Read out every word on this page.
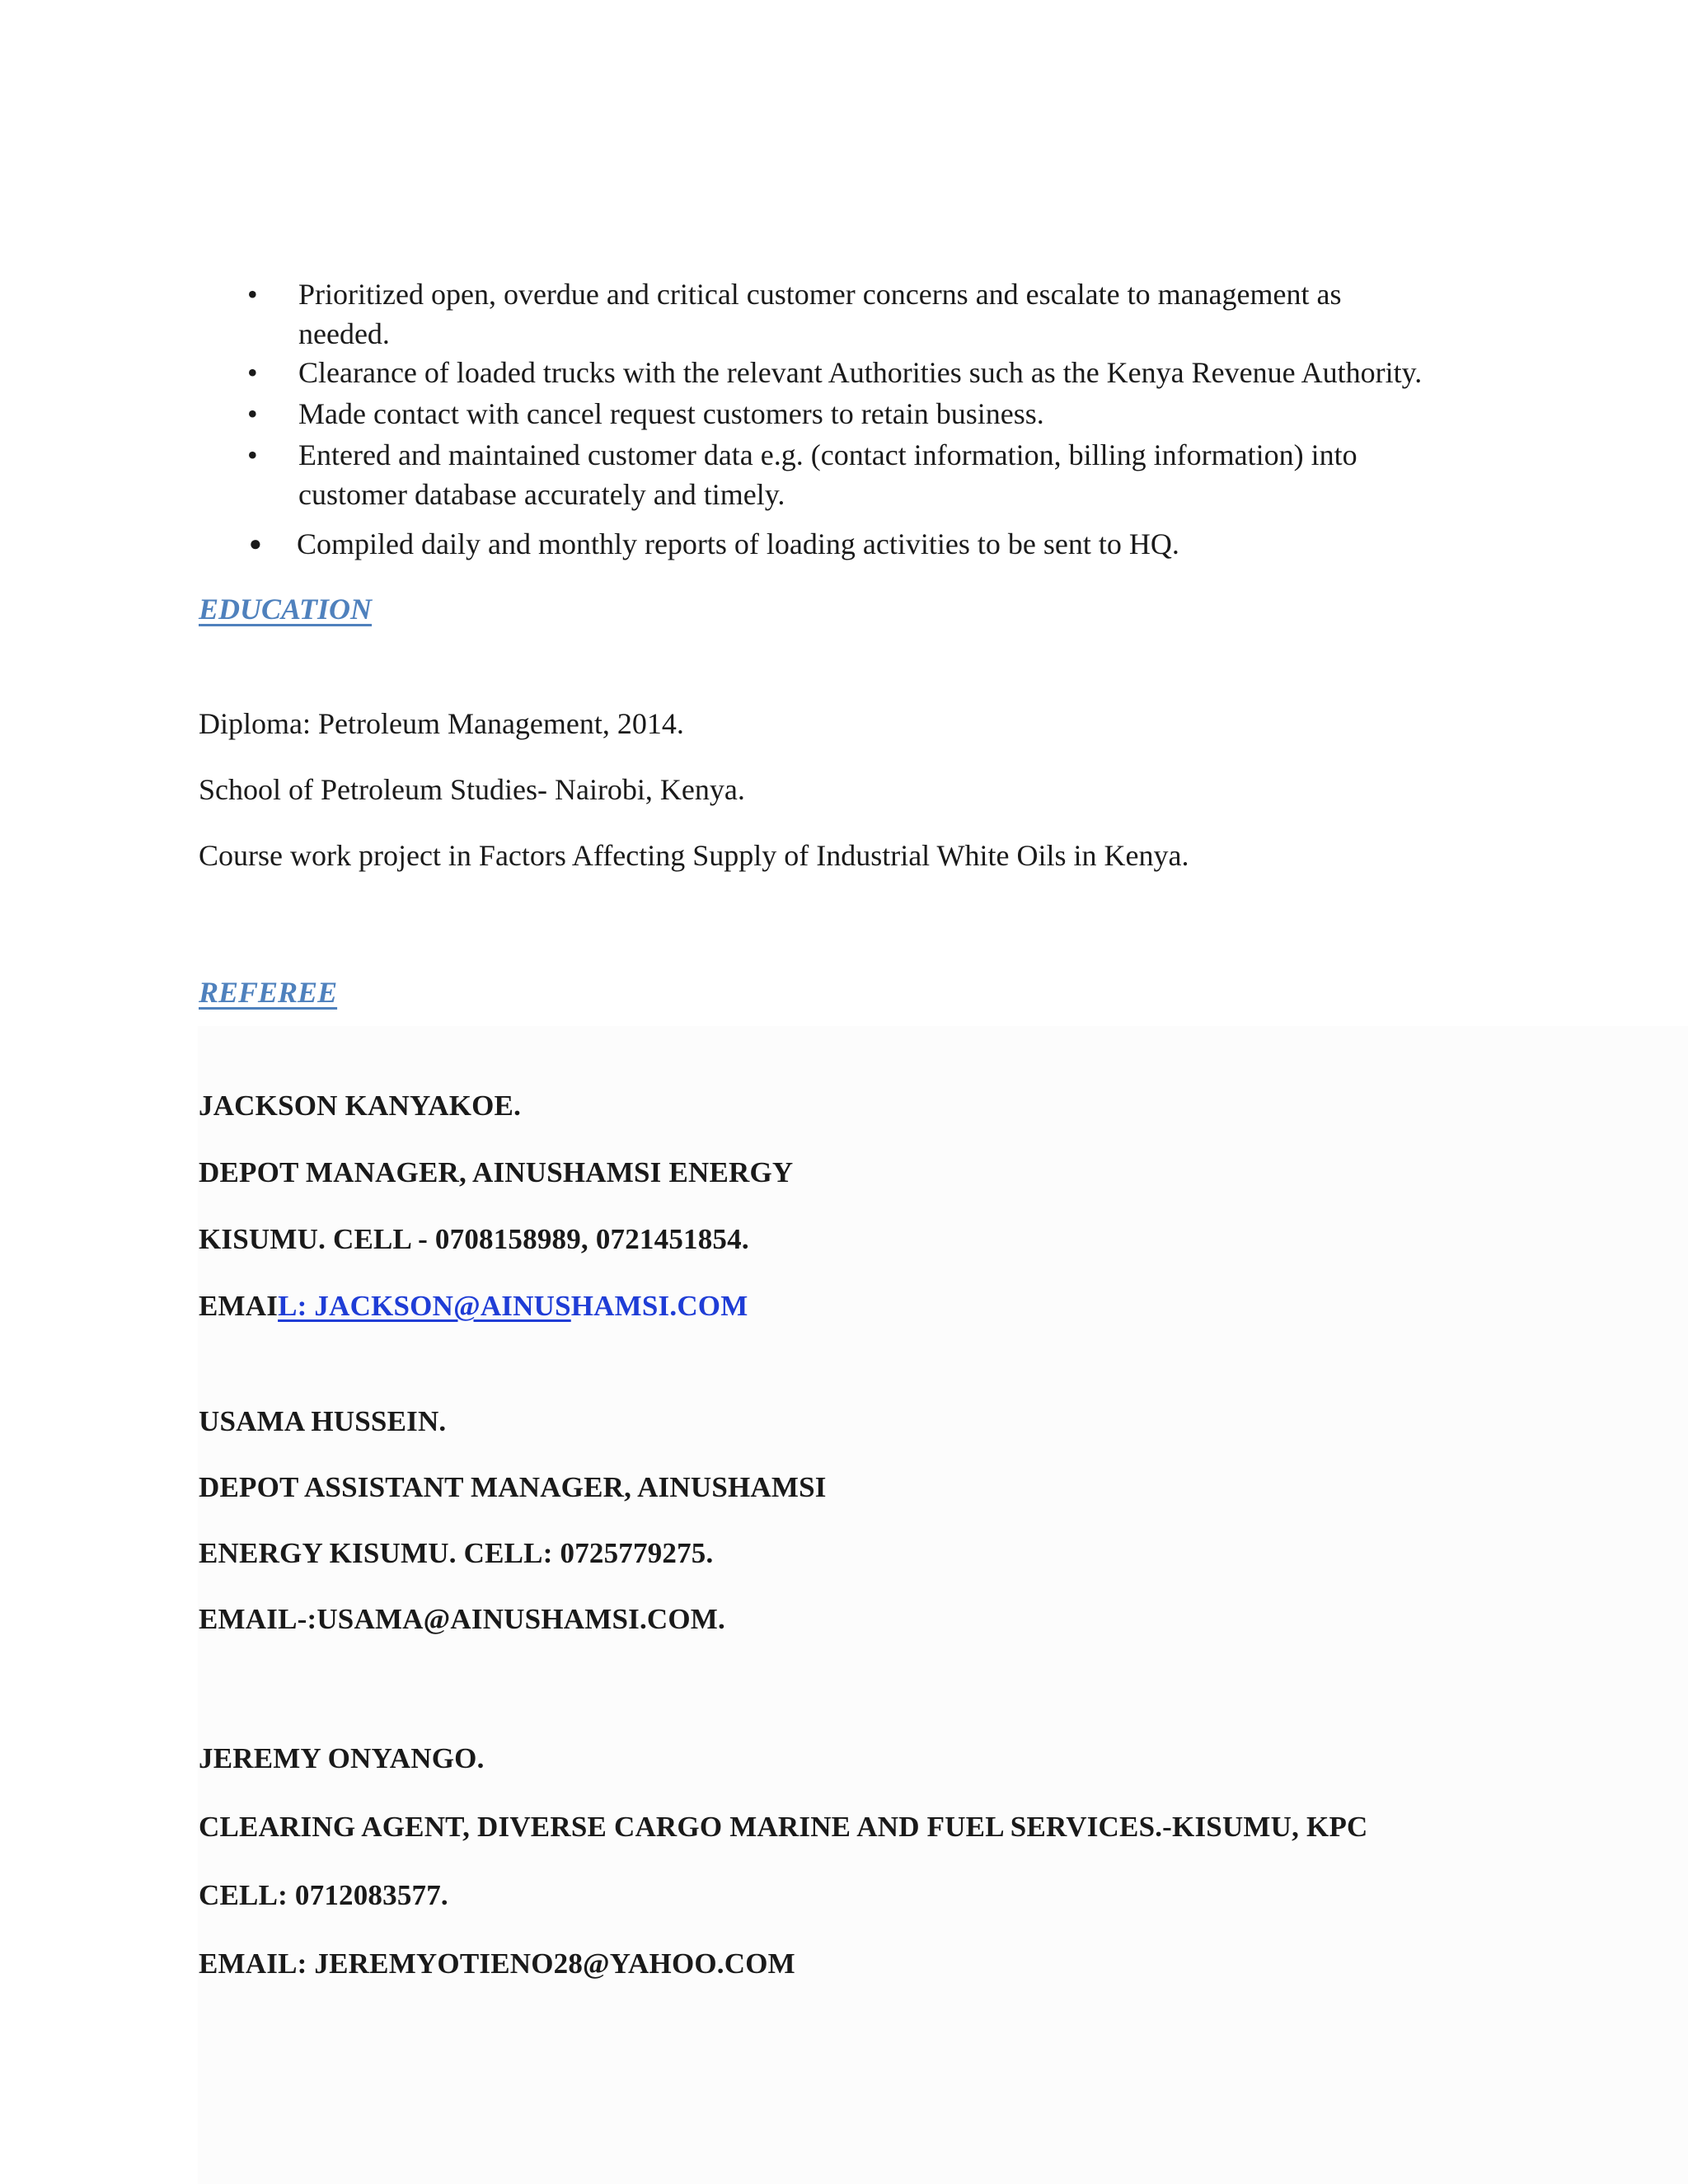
•	Prioritized open, overdue and critical customer concerns and escalate to management as
needed.
•	Clearance of loaded trucks with the relevant Authorities such as the Kenya Revenue Authority.
•	Made contact with cancel request customers to retain business.
•	Entered and maintained customer data e.g. (contact information, billing information) into
customer database accurately and timely.
●	Compiled daily and monthly reports of loading activities to be sent to HQ.
EDUCATION
Diploma: Petroleum Management, 2014.
School of Petroleum Studies- Nairobi, Kenya.
Course work project in Factors Affecting Supply of Industrial White Oils in Kenya.
REFEREE
JACKSON KANYAKOE.
DEPOT MANAGER, AINUSHAMSI ENERGY
KISUMU. CELL - 0708158989, 0721451854.
EMAIL: JACKSON@AINUSHAMSI.COM
USAMA HUSSEIN.
DEPOT ASSISTANT MANAGER, AINUSHAMSI
ENERGY KISUMU. CELL: 0725779275.
EMAIL-:USAMA@AINUSHAMSI.COM.
JEREMY ONYANGO.
CLEARING AGENT, DIVERSE CARGO MARINE AND FUEL SERVICES.-KISUMU, KPC
CELL: 0712083577.
EMAIL: JEREMYOTIENO28@YAHOO.COM
